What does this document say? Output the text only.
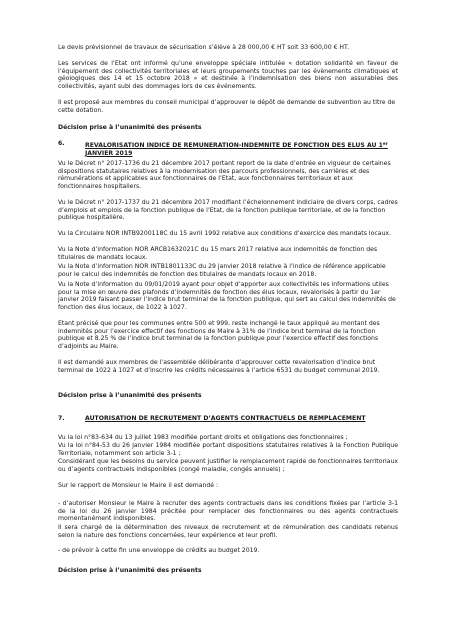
Le devis prévisionnel de travaux de sécurisation s’élève à 28 000,00 € HT soit 33 600,00 € HT.

Les services de l’Etat ont informé qu’une enveloppe spéciale intitulée « dotation solidarité en faveur de l’équipement des collectivités territoriales et leurs groupements touches par les évènements climatiques et géologiques des 14 et 15 octobre 2018 » et destinée à l’indemnisation des biens non assurables des collectivités, ayant subi des dommages lors de ces événements.

Il est proposé aux membres du conseil municipal d’approuver le dépôt de demande de subvention au titre de cette dotation.

Décision prise à l’unanimité des présents

6.	REVALORISATION INDICE DE REMUNERATION-INDEMNITE DE FONCTION DES ELUS AU 1er
JANVIER 2019

Vu le Décret n° 2017-1736 du 21 décembre 2017 portant report de la date d’entrée en vigueur de certaines dispositions statutaires relatives à la modernisation des parcours professionnels, des carrières et des rémunérations et applicables aux fonctionnaires de l’Etat, aux fonctionnaires territoriaux et aux fonctionnaires hospitaliers.

Vu le Décret n° 2017-1737 du 21 décembre 2017 modifiant l’échelonnement indiciaire de divers corps, cadres d’emplois et emplois de la fonction publique de l’Etat, de la fonction publique territoriale, et de la fonction publique hospitalière.

Vu la Circulaire NOR INTB9200118C du 15 avril 1992 relative aux conditions d’exercice des mandats locaux.

Vu la Note d’information NOR ARCB1632021C du 15 mars 2017 relative aux indemnités de fonction des titulaires de mandats locaux.

Vu la Note d’information NOR INTB1801133C du 29 janvier 2018 relative à l’indice de référence applicable pour le calcul des indemnités de fonction des titulaires de mandats locaux en 2018.

Vu la Note d’information du 09/01/2019 ayant pour objet d’apporter aux collectivités les informations utiles pour la mise en œuvre des plafonds d’indemnités de fonction des élus locaux, revalorisés à partir du 1er janvier 2019 faisant passer l’indice brut terminal de la fonction publique, qui sert au calcul des indemnités de fonction des élus locaux, de 1022 à 1027.

Etant précisé que pour les communes entre 500 et 999, reste inchangé le taux appliqué au montant des indemnités pour l’exercice effectif des fonctions de Maire à 31% de l’indice brut terminal de la fonction publique et 8.25 % de l’indice brut terminal de la fonction publique pour l’exercice effectif des fonctions d’adjoints au Maire.

Il est demandé aux membres de l’assemblée délibérante d’approuver cette revalorisation d’indice brut terminal de 1022 à 1027 et d’inscrire les crédits nécessaires à l’article 6531 du budget communal 2019.

Décision prise à l’unanimité des présents

7.	AUTORISATION DE RECRUTEMENT D’AGENTS CONTRACTUELS DE REMPLACEMENT

Vu la loi n°83-634 du 13 juillet 1983 modifiée portant droits et obligations des fonctionnaires ;

Vu la loi n°84-53 du 26 janvier 1984 modifiée portant dispositions statutaires relatives à la Fonction Publique Territoriale, notamment son article 3-1 ;

Considérant que les besoins du service peuvent justifier le remplacement rapide de fonctionnaires territoriaux ou d’agents contractuels indisponibles (congé maladie, congés annuels) ;

Sur le rapport de Monsieur le Maire il est demandé :

- d’autoriser Monsieur le Maire à recruter des agents contractuels dans les conditions fixées par l’article 3-1 de la loi du 26 janvier 1984 précitée pour remplacer des fonctionnaires ou des agents contractuels momentanément indisponibles.

Il sera chargé de la détermination des niveaux de recrutement et de rémunération des candidats retenus selon la nature des fonctions concernées, leur expérience et leur profil.

- de prévoir à cette fin une enveloppe de crédits au budget 2019.

Décision prise à l’unanimité des présents
